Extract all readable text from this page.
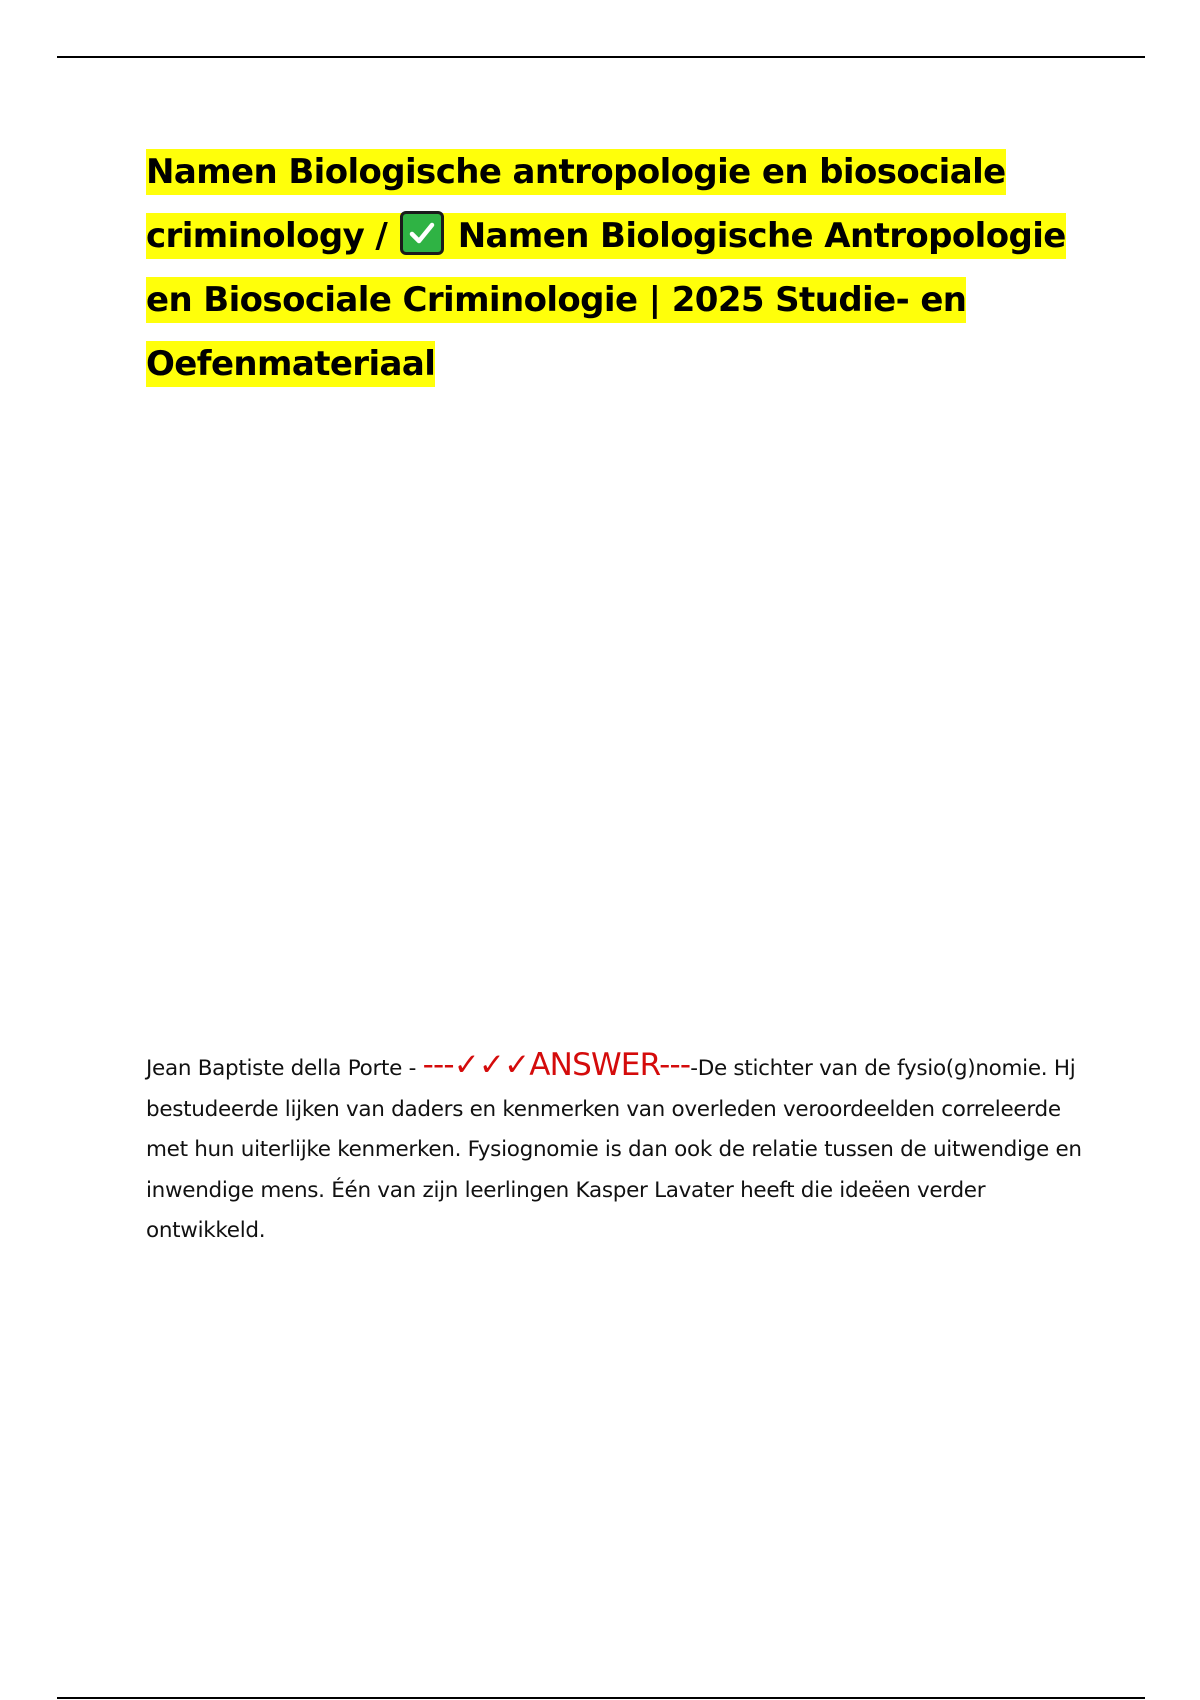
Namen Biologische antropologie en biosociale criminology / Namen Biologische Antropologie en Biosociale Criminologie | 2025 Studie- en Oefenmateriaal

Jean Baptiste della Porte - ---✓✓✓ANSWER----De stichter van de fysio(g)nomie. Hj bestudeerde lijken van daders en kenmerken van overleden veroordeelden correleerde met hun uiterlijke kenmerken. Fysiognomie is dan ook de relatie tussen de uitwendige en inwendige mens. Één van zijn leerlingen Kasper Lavater heeft die ideëen verder ontwikkeld.
